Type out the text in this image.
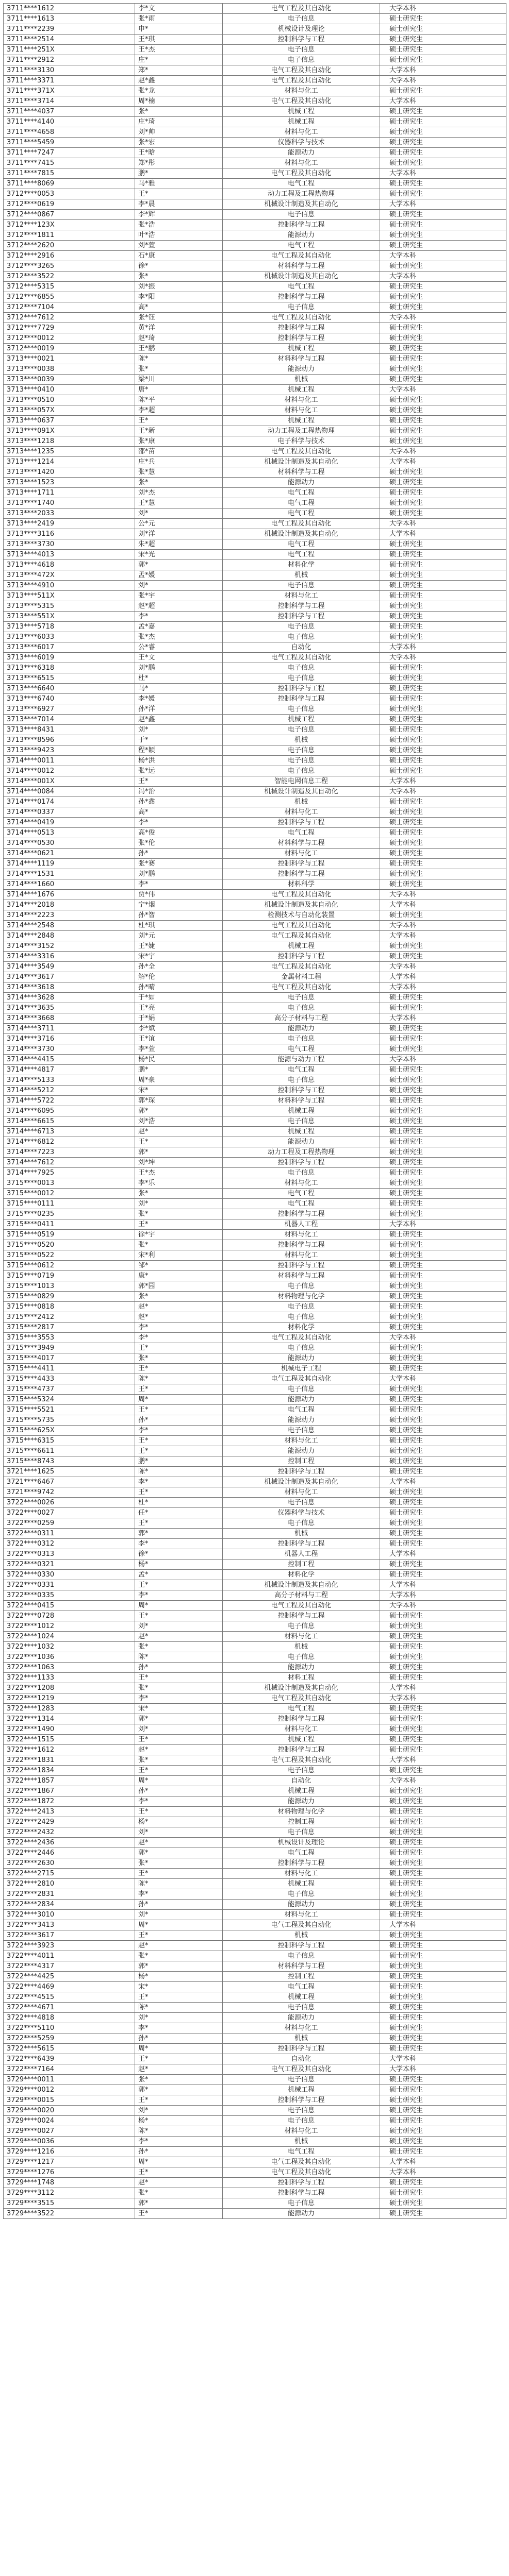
3711****1612	李*文	电气工程及其自动化	大学本科
3711****1613	张*雨	电子信息	硕士研究生
3711****2239	申*	机械设计及理论	硕士研究生
3711****2514	王*琪	控制科学与工程	硕士研究生
3711****251X	王*杰	电子信息	硕士研究生
3711****2912	庄*	电子信息	硕士研究生
3711****3130	郑*	电气工程及其自动化	大学本科
3711****3371	赵*鑫	电气工程及其自动化	大学本科
3711****371X	张*龙	材料与化工	硕士研究生
3711****3714	周*楠	电气工程及其自动化	大学本科
3711****4037	张*	机械工程	硕士研究生
3711****4140	庄*琦	机械工程	硕士研究生
3711****4658	刘*帅	材料与化工	硕士研究生
3711****5459	张*宏	仪器科学与技术	硕士研究生
3711****7247	王*晗	能源动力	硕士研究生
3711****7415	郑*彤	材料与化工	硕士研究生
3711****7815	鹏*	电气工程及其自动化	大学本科
3711****8069	马*雅	电气工程	硕士研究生
3712****0053	王*	动力工程及工程热物理	硕士研究生
3712****0619	李*晨	机械设计制造及其自动化	大学本科
3712****0867	李*辉	电子信息	硕士研究生
3712****123X	张*浩	控制科学与工程	硕士研究生
3712****1811	叶*浩	能源动力	硕士研究生
3712****2620	刘*萱	电气工程	硕士研究生
3712****2916	石*康	电气工程及其自动化	大学本科
3712****3265	徐*	材料科学与工程	硕士研究生
3712****3522	张*	机械设计制造及其自动化	大学本科
3712****5315	刘*振	电气工程	硕士研究生
3712****6855	李*阳	控制科学与工程	硕士研究生
3712****7104	高*	电子信息	硕士研究生
3712****7612	张*钰	电气工程及其自动化	大学本科
3712****7729	黄*洋	控制科学与工程	硕士研究生
3712****0012	赵*琦	控制科学与工程	硕士研究生
3712****0019	王*鹏	机械工程	硕士研究生
3713****0021	陈*	材料科学与工程	硕士研究生
3713****0038	张*	能源动力	硕士研究生
3713****0039	梁*川	机械	硕士研究生
3713****0410	唐*	机械工程	大学本科
3713****0510	陈*平	材料与化工	硕士研究生
3713****057X	李*超	材料与化工	硕士研究生
3713****0637	王*	机械工程	硕士研究生
3713****091X	王*新	动力工程及工程热物理	硕士研究生
3713****1218	张*康	电子科学与技术	硕士研究生
3713****1235	邵*苗	电气工程及其自动化	大学本科
3713****1214	庄*兵	机械设计制造及其自动化	大学本科
3713****1420	张*慧	材料科学与工程	硕士研究生
3713****1523	张*	能源动力	硕士研究生
3713****1711	刘*杰	电气工程	硕士研究生
3713****1740	王*慧	电气工程	硕士研究生
3713****2033	刘*	电气工程	硕士研究生
3713****2419	公*元	电气工程及其自动化	大学本科
3713****3116	刘*洋	机械设计制造及其自动化	大学本科
3713****3730	朱*超	电气工程	硕士研究生
3713****4013	宋*光	电气工程	硕士研究生
3713****4618	郭*	材料化学	硕士研究生
3713****472X	孟*媛	机械	硕士研究生
3713****4910	刘*	电子信息	硕士研究生
3713****511X	张*宇	材料与化工	硕士研究生
3713****5315	赵*超	控制科学与工程	硕士研究生
3713****551X	李*	控制科学与工程	硕士研究生
3713****5718	孟*嘉	电子信息	硕士研究生
3713****6033	张*杰	电子信息	硕士研究生
3713****6017	公*睿	自动化	大学本科
3713****6019	王*文	电气工程及其自动化	大学本科
3713****6318	刘*鹏	电子信息	硕士研究生
3713****6515	杜*	电子信息	硕士研究生
3713****6640	马*	控制科学与工程	硕士研究生
3713****6740	李*媛	控制科学与工程	硕士研究生
3713****6927	孙*洋	电子信息	硕士研究生
3713****7014	赵*鑫	机械工程	硕士研究生
3713****8431	刘*	电子信息	硕士研究生
3713****8596	于*	机械	硕士研究生
3713****9423	程*颖	电子信息	硕士研究生
3714****0011	杨*洪	电子信息	硕士研究生
3714****0012	张*远	电子信息	硕士研究生
3714****001X	王*	智能电网信息工程	大学本科
3714****0084	冯*治	机械设计制造及其自动化	大学本科
3714****0174	孙*鑫	机械	硕士研究生
3714****0337	高*	材料与化工	硕士研究生
3714****0419	李*	控制科学与工程	硕士研究生
3714****0513	高*俊	电气工程	硕士研究生
3714****0530	张*伦	材料科学与工程	硕士研究生
3714****0621	孙*	材料与化工	硕士研究生
3714****1119	张*赛	控制科学与工程	硕士研究生
3714****1531	刘*鹏	控制科学与工程	硕士研究生
3714****1660	李*	材料科学	硕士研究生
3714****1676	贾*伟	电气工程及其自动化	大学本科
3714****2018	宁*烟	机械设计制造及其自动化	大学本科
3714****2223	孙*智	检测技术与自动化装置	硕士研究生
3714****2548	杜*琪	电气工程及其自动化	大学本科
3714****2848	刘*元	电气工程及其自动化	大学本科
3714****3152	王*婕	机械工程	硕士研究生
3714****3316	宋*宇	控制科学与工程	硕士研究生
3714****3549	孙*全	电气工程及其自动化	大学本科
3714****3617	解*伦	金属材料工程	大学本科
3714****3618	孙*晴	电气工程及其自动化	大学本科
3714****3628	于*如	电子信息	硕士研究生
3714****3635	王*亮	电子信息	硕士研究生
3714****3668	于*娟	高分子材料与工程	大学本科
3714****3711	李*斌	能源动力	硕士研究生
3714****3716	王*谊	电子信息	硕士研究生
3714****3730	李*萱	电气工程	硕士研究生
3714****4415	杨*民	能源与动力工程	大学本科
3714****4817	鹏*	电气工程	硕士研究生
3714****5133	周*豪	电子信息	硕士研究生
3714****5212	宋*	控制科学与工程	硕士研究生
3714****5722	郭*琛	材料科学与工程	硕士研究生
3714****6095	郭*	机械工程	硕士研究生
3714****6615	刘*浩	电子信息	硕士研究生
3714****6713	赵*	机械工程	硕士研究生
3714****6812	王*	能源动力	硕士研究生
3714****7223	郭*	动力工程及工程热物理	硕士研究生
3714****7612	刘*坤	控制科学与工程	硕士研究生
3714****7925	王*杰	电子信息	硕士研究生
3715****0013	李*乐	材料与化工	硕士研究生
3715****0012	张*	电气工程	硕士研究生
3715****0111	刘*	电气工程	硕士研究生
3715****0235	张*	控制科学与工程	硕士研究生
3715****0411	王*	机器人工程	大学本科
3715****0519	徐*宇	材料与化工	硕士研究生
3715****0520	张*	控制科学与工程	硕士研究生
3715****0522	宋*利	材料与化工	硕士研究生
3715****0612	邹*	控制科学与工程	硕士研究生
3715****0719	康*	材料科学与工程	硕士研究生
3715****1013	郭*园	电子信息	硕士研究生
3715****0829	张*	材料物理与化学	硕士研究生
3715****0818	赵*	电子信息	硕士研究生
3715****2412	赵*	电子信息	硕士研究生
3715****2817	李*	材料化学	硕士研究生
3715****3553	李*	电气工程及其自动化	大学本科
3715****3949	王*	电子信息	硕士研究生
3715****4017	张*	能源动力	硕士研究生
3715****4411	王*	机械电子工程	硕士研究生
3715****4433	陈*	电气工程及其自动化	大学本科
3715****4737	王*	电子信息	硕士研究生
3715****5324	周*	能源动力	硕士研究生
3715****5521	王*	电气工程	硕士研究生
3715****5735	孙*	能源动力	硕士研究生
3715****625X	李*	电子信息	硕士研究生
3715****6315	王*	材料与化工	硕士研究生
3715****6611	王*	能源动力	硕士研究生
3715****8743	鹏*	控制工程	硕士研究生
3721****1625	陈*	控制科学与工程	硕士研究生
3721****6467	李*	机械设计制造及其自动化	大学本科
3721****9742	王*	材料与化工	硕士研究生
3722****0026	杜*	电子信息	硕士研究生
3722****0027	任*	仪器科学与技术	硕士研究生
3722****0259	王*	电子信息	硕士研究生
3722****0311	郭*	机械	硕士研究生
3722****0312	李*	控制科学与工程	硕士研究生
3722****0313	徐*	机器人工程	大学本科
3722****0321	杨*	控制工程	硕士研究生
3722****0330	孟*	材料化学	硕士研究生
3722****0331	王*	机械设计制造及其自动化	大学本科
3722****0335	李*	高分子材料与工程	大学本科
3722****0415	周*	电气工程及其自动化	大学本科
3722****0728	王*	控制科学与工程	硕士研究生
3722****1012	刘*	电子信息	硕士研究生
3722****1024	赵*	材料与化工	硕士研究生
3722****1032	张*	机械	硕士研究生
3722****1036	陈*	电子信息	硕士研究生
3722****1063	孙*	能源动力	硕士研究生
3722****1133	王*	材料工程	硕士研究生
3722****1208	张*	机械设计制造及其自动化	大学本科
3722****1219	李*	电气工程及其自动化	大学本科
3722****1283	宋*	电气工程	硕士研究生
3722****1314	郭*	控制科学与工程	硕士研究生
3722****1490	刘*	材料与化工	硕士研究生
3722****1515	王*	机械工程	硕士研究生
3722****1612	赵*	控制科学与工程	硕士研究生
3722****1831	张*	电气工程及其自动化	大学本科
3722****1834	王*	电子信息	硕士研究生
3722****1857	周*	自动化	大学本科
3722****1867	孙*	机械工程	硕士研究生
3722****1872	李*	能源动力	硕士研究生
3722****2413	王*	材料物理与化学	硕士研究生
3722****2429	杨*	控制工程	硕士研究生
3722****2432	刘*	电子信息	硕士研究生
3722****2436	赵*	机械设计及理论	硕士研究生
3722****2446	郭*	电气工程	硕士研究生
3722****2630	张*	控制科学与工程	硕士研究生
3722****2715	王*	材料与化工	硕士研究生
3722****2810	陈*	机械工程	硕士研究生
3722****2831	李*	电子信息	硕士研究生
3722****2834	孙*	能源动力	硕士研究生
3722****3010	刘*	材料与化工	硕士研究生
3722****3413	周*	电气工程及其自动化	大学本科
3722****3617	王*	机械	硕士研究生
3722****3923	赵*	控制科学与工程	硕士研究生
3722****4011	张*	电子信息	硕士研究生
3722****4317	郭*	材料科学与工程	硕士研究生
3722****4425	杨*	控制工程	硕士研究生
3722****4469	宋*	电气工程	硕士研究生
3722****4515	王*	机械工程	硕士研究生
3722****4671	陈*	电子信息	硕士研究生
3722****4818	刘*	能源动力	硕士研究生
3722****5110	李*	材料与化工	硕士研究生
3722****5259	孙*	机械	硕士研究生
3722****5615	周*	控制科学与工程	硕士研究生
3722****6439	王*	自动化	大学本科
3722****7164	赵*	电气工程及其自动化	大学本科
3729****0011	张*	电子信息	硕士研究生
3729****0012	郭*	机械工程	硕士研究生
3729****0015	王*	控制科学与工程	硕士研究生
3729****0020	刘*	电子信息	硕士研究生
3729****0024	杨*	电子信息	硕士研究生
3729****0027	陈*	材料与化工	硕士研究生
3729****0036	李*	机械	硕士研究生
3729****1216	孙*	电气工程	硕士研究生
3729****1217	周*	电气工程及其自动化	大学本科
3729****1276	王*	电气工程及其自动化	大学本科
3729****1748	赵*	控制科学与工程	硕士研究生
3729****3112	张*	控制科学与工程	硕士研究生
3729****3515	郭*	电子信息	硕士研究生
3729****3522	王*	能源动力	硕士研究生
